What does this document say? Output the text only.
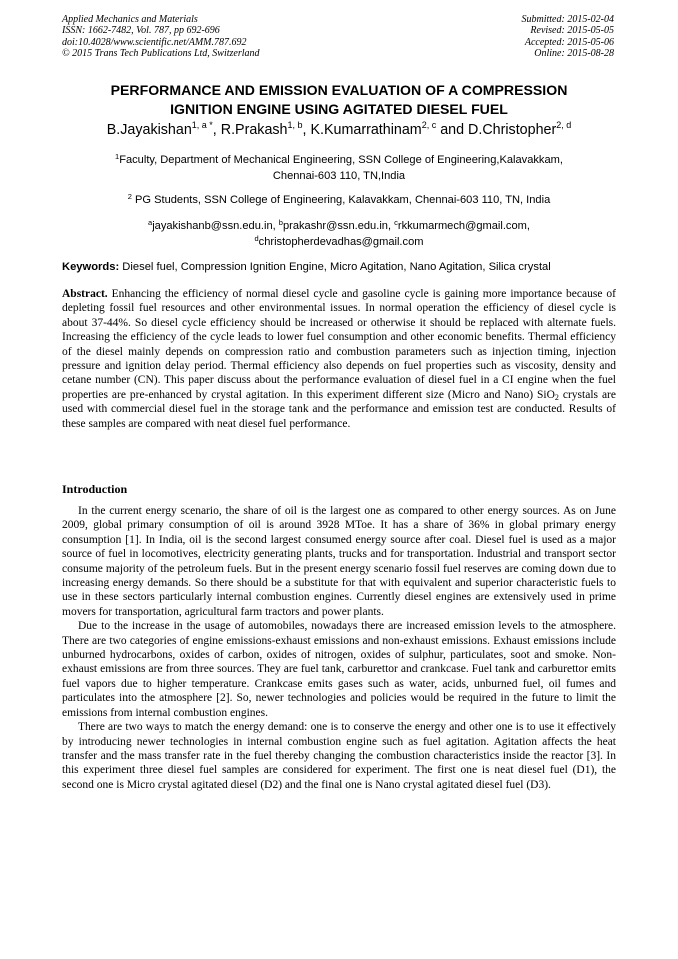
Applied Mechanics and Materials
ISSN: 1662-7482, Vol. 787, pp 692-696
doi:10.4028/www.scientific.net/AMM.787.692
© 2015 Trans Tech Publications Ltd, Switzerland
Submitted: 2015-02-04
Revised: 2015-05-05
Accepted: 2015-05-06
Online: 2015-08-28
PERFORMANCE AND EMISSION EVALUATION OF A COMPRESSION
IGNITION ENGINE USING AGITATED DIESEL FUEL
B.Jayakishan$^{1, a *}$, R.Prakash$^{1, b}$, K.Kumarrathinam$^{2, c}$ and D.Christopher$^{2, d}$
$^1$Faculty, Department of Mechanical Engineering, SSN College of Engineering,Kalavakkam,
Chennai-603 110, TN,India
$^2$ PG Students, SSN College of Engineering, Kalavakkam, Chennai-603 110, TN, India
$^a$jayakishanb@ssn.edu.in, $^b$prakashr@ssn.edu.in, $^c$rkkumarmech@gmail.com,
$^d$christopherdevadhas@gmail.com
Keywords: Diesel fuel, Compression Ignition Engine, Micro Agitation, Nano Agitation, Silica crystal
Abstract. Enhancing the efficiency of normal diesel cycle and gasoline cycle is gaining more importance because of depleting fossil fuel resources and other environmental issues. In normal operation the efficiency of diesel cycle is about 37-44%. So diesel cycle efficiency should be increased or otherwise it should be replaced with alternate fuels. Increasing the efficiency of the cycle leads to lower fuel consumption and other economic benefits. Thermal efficiency of the diesel mainly depends on compression ratio and combustion parameters such as injection timing, injection pressure and ignition delay period. Thermal efficiency also depends on fuel properties such as viscosity, density and cetane number (CN). This paper discuss about the performance evaluation of diesel fuel in a CI engine when the fuel properties are pre-enhanced by crystal agitation. In this experiment different size (Micro and Nano) SiO$_2$ crystals are used with commercial diesel fuel in the storage tank and the performance and emission test are conducted. Results of these samples are compared with neat diesel fuel performance.
Introduction

In the current energy scenario, the share of oil is the largest one as compared to other energy sources. As on June 2009, global primary consumption of oil is around 3928 MToe. It has a share of 36% in global primary energy consumption [1]. In India, oil is the second largest consumed energy source after coal. Diesel fuel is used as a major source of fuel in locomotives, electricity generating plants, trucks and for transportation. Industrial and transport sector consume majority of the petroleum fuels. But in the present energy scenario fossil fuel reserves are coming down due to increasing energy demands. So there should be a substitute for that with equivalent and superior characteristic fuels to use in these sectors particularly internal combustion engines. Currently diesel engines are extensively used in prime movers for transportation, agricultural farm tractors and power plants.

Due to the increase in the usage of automobiles, nowadays there are increased emission levels to the atmosphere. There are two categories of engine emissions-exhaust emissions and non-exhaust emissions. Exhaust emissions include unburned hydrocarbons, oxides of carbon, oxides of nitrogen, oxides of sulphur, particulates, soot and smoke. Non-exhaust emissions are from three sources. They are fuel tank, carburettor and crankcase. Fuel tank and carburettor emits fuel vapors due to higher temperature. Crankcase emits gases such as water, acids, unburned fuel, oil fumes and particulates into the atmosphere [2]. So, newer technologies and policies would be required in the future to limit the emissions from internal combustion engines.

There are two ways to match the energy demand: one is to conserve the energy and other one is to use it effectively by introducing newer technologies in internal combustion engine such as fuel agitation. Agitation affects the heat transfer and the mass transfer rate in the fuel thereby changing the combustion characteristics inside the reactor [3]. In this experiment three diesel fuel samples are considered for experiment. The first one is neat diesel fuel (D1), the second one is Micro crystal agitated diesel (D2) and the final one is Nano crystal agitated diesel fuel (D3).
